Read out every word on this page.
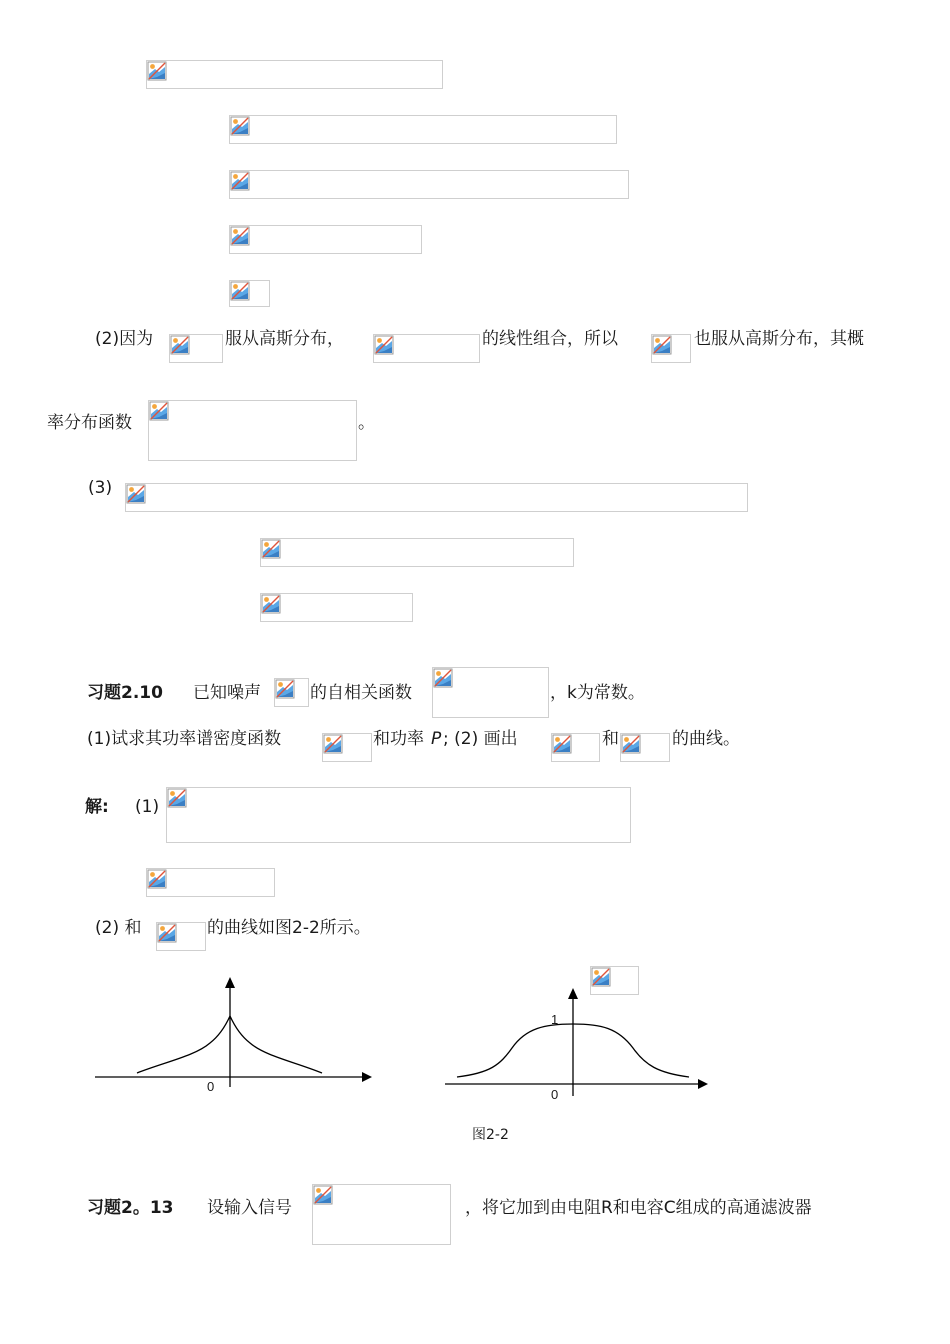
(2)因为	服从高斯分布，	的线性组合，所以	也服从高斯分布，其概
率分布函数	。
(3)
习题2.10 已知噪声	的自相关函数	，k为常数。
(1)试求其功率谱密度函数	和功率 P ; (2) 画出	和	的曲线。
解: (1)
(2) 和	的曲线如图2-2所示。
0
0
1
图2-2
习题2。13 设输入信号	，将它加到由电阻R和电容C组成的高通滤波器
